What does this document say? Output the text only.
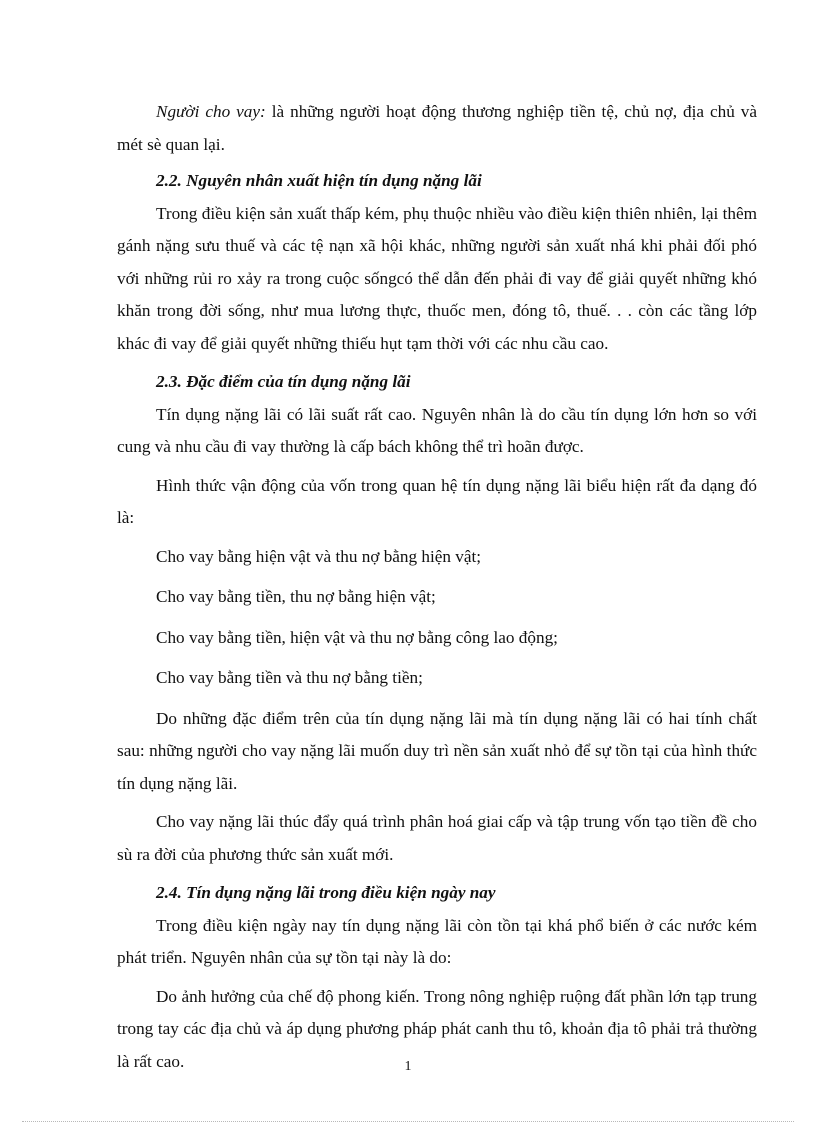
Người cho vay: là những người hoạt động thương nghiệp tiền tệ, chủ nợ, địa chủ và mét sè quan lại.

2.2. Nguyên nhân xuất hiện tín dụng nặng lãi

Trong điều kiện sản xuất thấp kém, phụ thuộc nhiều vào điều kiện thiên nhiên, lại thêm gánh nặng sưu thuế và các tệ nạn xã hội khác, những người sản xuất nhá khi phải đối phó với những rủi ro xảy ra trong cuộc sốngcó thể dẫn đến phải đi vay để giải quyết những khó khăn trong đời sống, như mua lương thực, thuốc men, đóng tô, thuế. . . còn các tầng lớp khác đi vay để giải quyết những thiếu hụt tạm thời với các nhu cầu cao.

2.3. Đặc điểm của tín dụng nặng lãi

Tín dụng nặng lãi có lãi suất rất cao. Nguyên nhân là do cầu tín dụng lớn hơn so với cung và nhu cầu đi vay thường là cấp bách không thể trì hoãn được.

Hình thức vận động của vốn trong quan hệ tín dụng nặng lãi biểu hiện rất đa dạng đó là:

Cho vay bằng hiện vật và thu nợ bằng hiện vật;
Cho vay bằng tiền, thu nợ bằng hiện vật;
Cho vay bằng tiền, hiện vật và thu nợ bằng công lao động;
Cho vay bằng tiền và thu nợ bằng tiền;

Do những đặc điểm trên của tín dụng nặng lãi mà tín dụng nặng lãi có hai tính chất sau: những người cho vay nặng lãi muốn duy trì nền sản xuất nhỏ để sự tồn tại của hình thức tín dụng nặng lãi.

Cho vay nặng lãi thúc đẩy quá trình phân hoá giai cấp và tập trung vốn tạo tiền đề cho sù ra đời của phương thức sản xuất mới.

2.4. Tín dụng nặng lãi trong điều kiện ngày nay

Trong điều kiện ngày nay tín dụng nặng lãi còn tồn tại khá phổ biến ở các nước kém phát triển. Nguyên nhân của sự tồn tại này là do:

Do ảnh hưởng của chế độ phong kiến. Trong nông nghiệp ruộng đất phần lớn tạp trung trong tay các địa chủ và áp dụng phương pháp phát canh thu tô, khoản địa tô phải trả thường là rất cao.	1
